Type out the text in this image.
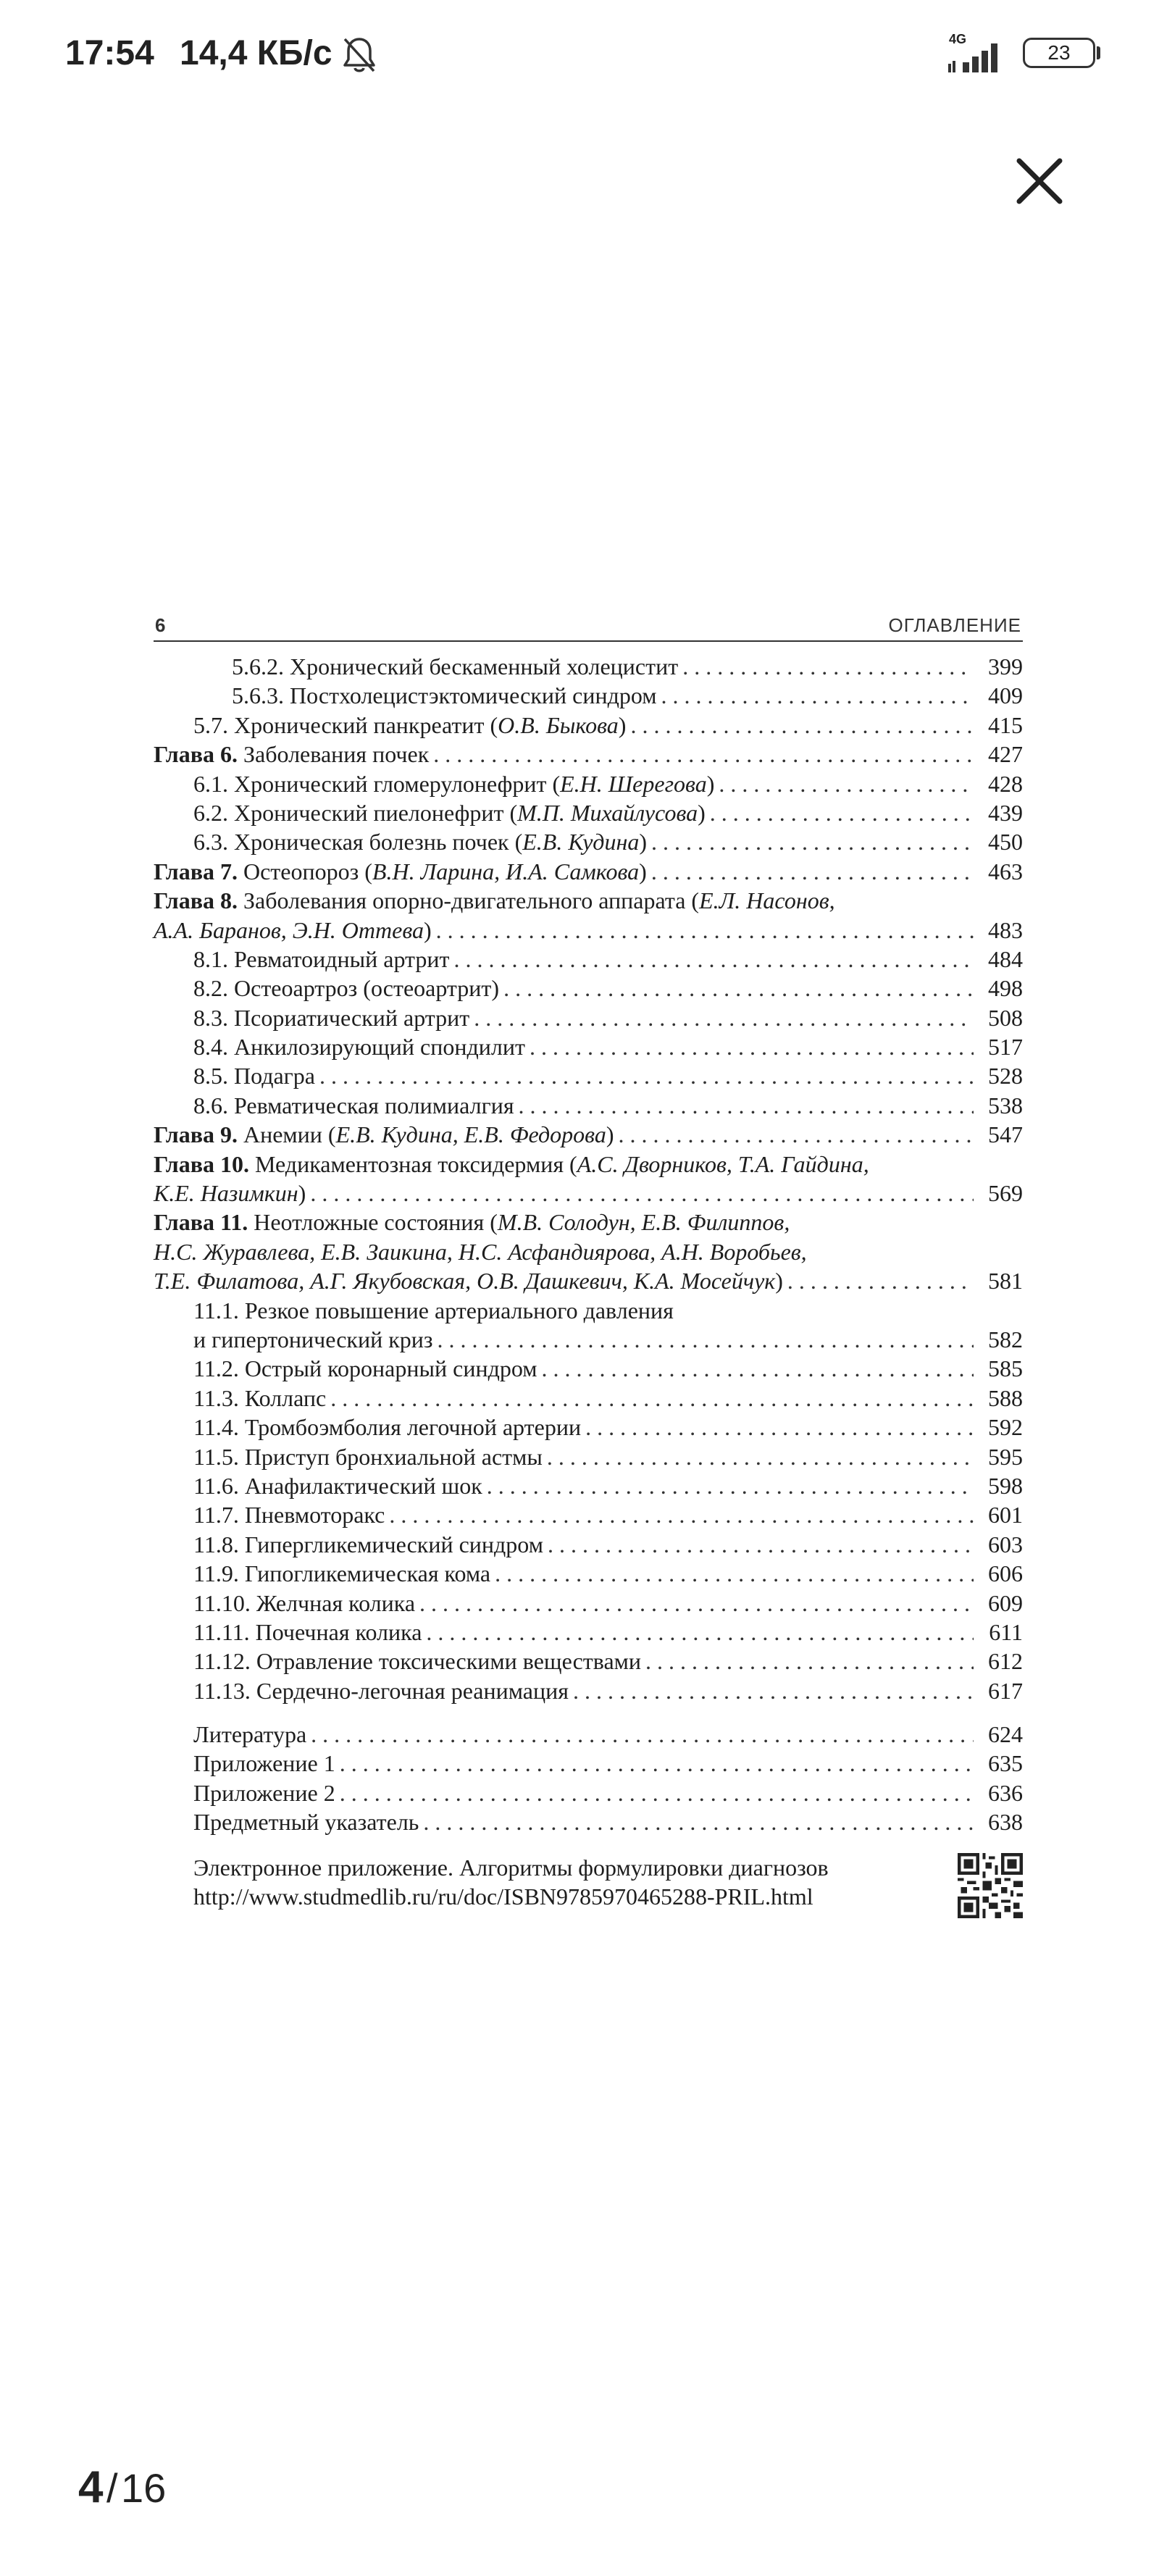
17:54 14,4 КБ/с	4G
23
6	ОГЛАВЛЕНИЕ
5.6.2. Хронический бескаменный холецистит . . .	399
5.6.3. Постхолецистэктомический синдром . . .	409
5.7. Хронический панкреатит (О.В. Быкова) . . .	415
Глава 6. Заболевания почек . . .	427
6.1. Хронический гломерулонефрит (Е.Н. Шерегова) . . .	428
6.2. Хронический пиелонефрит (М.П. Михайлусова) . . .	439
6.3. Хроническая болезнь почек (Е.В. Кудина) . . .	450
Глава 7. Остеопороз (В.Н. Ларина, И.А. Самкова) . . .	463
Глава 8. Заболевания опорно-двигательного аппарата (Е.Л. Насонов,
А.А. Баранов, Э.Н. Оттева) . . .	483
8.1. Ревматоидный артрит . . .	484
8.2. Остеоартроз (остеоартрит) . . .	498
8.3. Псориатический артрит . . .	508
8.4. Анкилозирующий спондилит . . .	517
8.5. Подагра . . .	528
8.6. Ревматическая полимиалгия . . .	538
Глава 9. Анемии (Е.В. Кудина, Е.В. Федорова) . . .	547
Глава 10. Медикаментозная токсидермия (А.С. Дворников, Т.А. Гайдина,
К.Е. Назимкин) . . .	569
Глава 11. Неотложные состояния (М.В. Солодун, Е.В. Филиппов,
Н.С. Журавлева, Е.В. Заикина, Н.С. Асфандиярова, А.Н. Воробьев,
Т.Е. Филатова, А.Г. Якубовская, О.В. Дашкевич, К.А. Мосейчук) . . .	581
11.1. Резкое повышение артериального давления
и гипертонический криз . . .	582
11.2. Острый коронарный синдром . . .	585
11.3. Коллапс . . .	588
11.4. Тромбоэмболия легочной артерии . . .	592
11.5. Приступ бронхиальной астмы . . .	595
11.6. Анафилактический шок . . .	598
11.7. Пневмоторакс . . .	601
11.8. Гипергликемический синдром . . .	603
11.9. Гипогликемическая кома . . .	606
11.10. Желчная колика . . .	609
11.11. Почечная колика . . .	611
11.12. Отравление токсическими веществами . . .	612
11.13. Сердечно-легочная реанимация . . .	617
Литература . . .	624
Приложение 1 . . .	635
Приложение 2 . . .	636
Предметный указатель . . .	638
Электронное приложение. Алгоритмы формулировки диагнозов
http://www.studmedlib.ru/ru/doc/ISBN9785970465288-PRIL.html
4 / 16
